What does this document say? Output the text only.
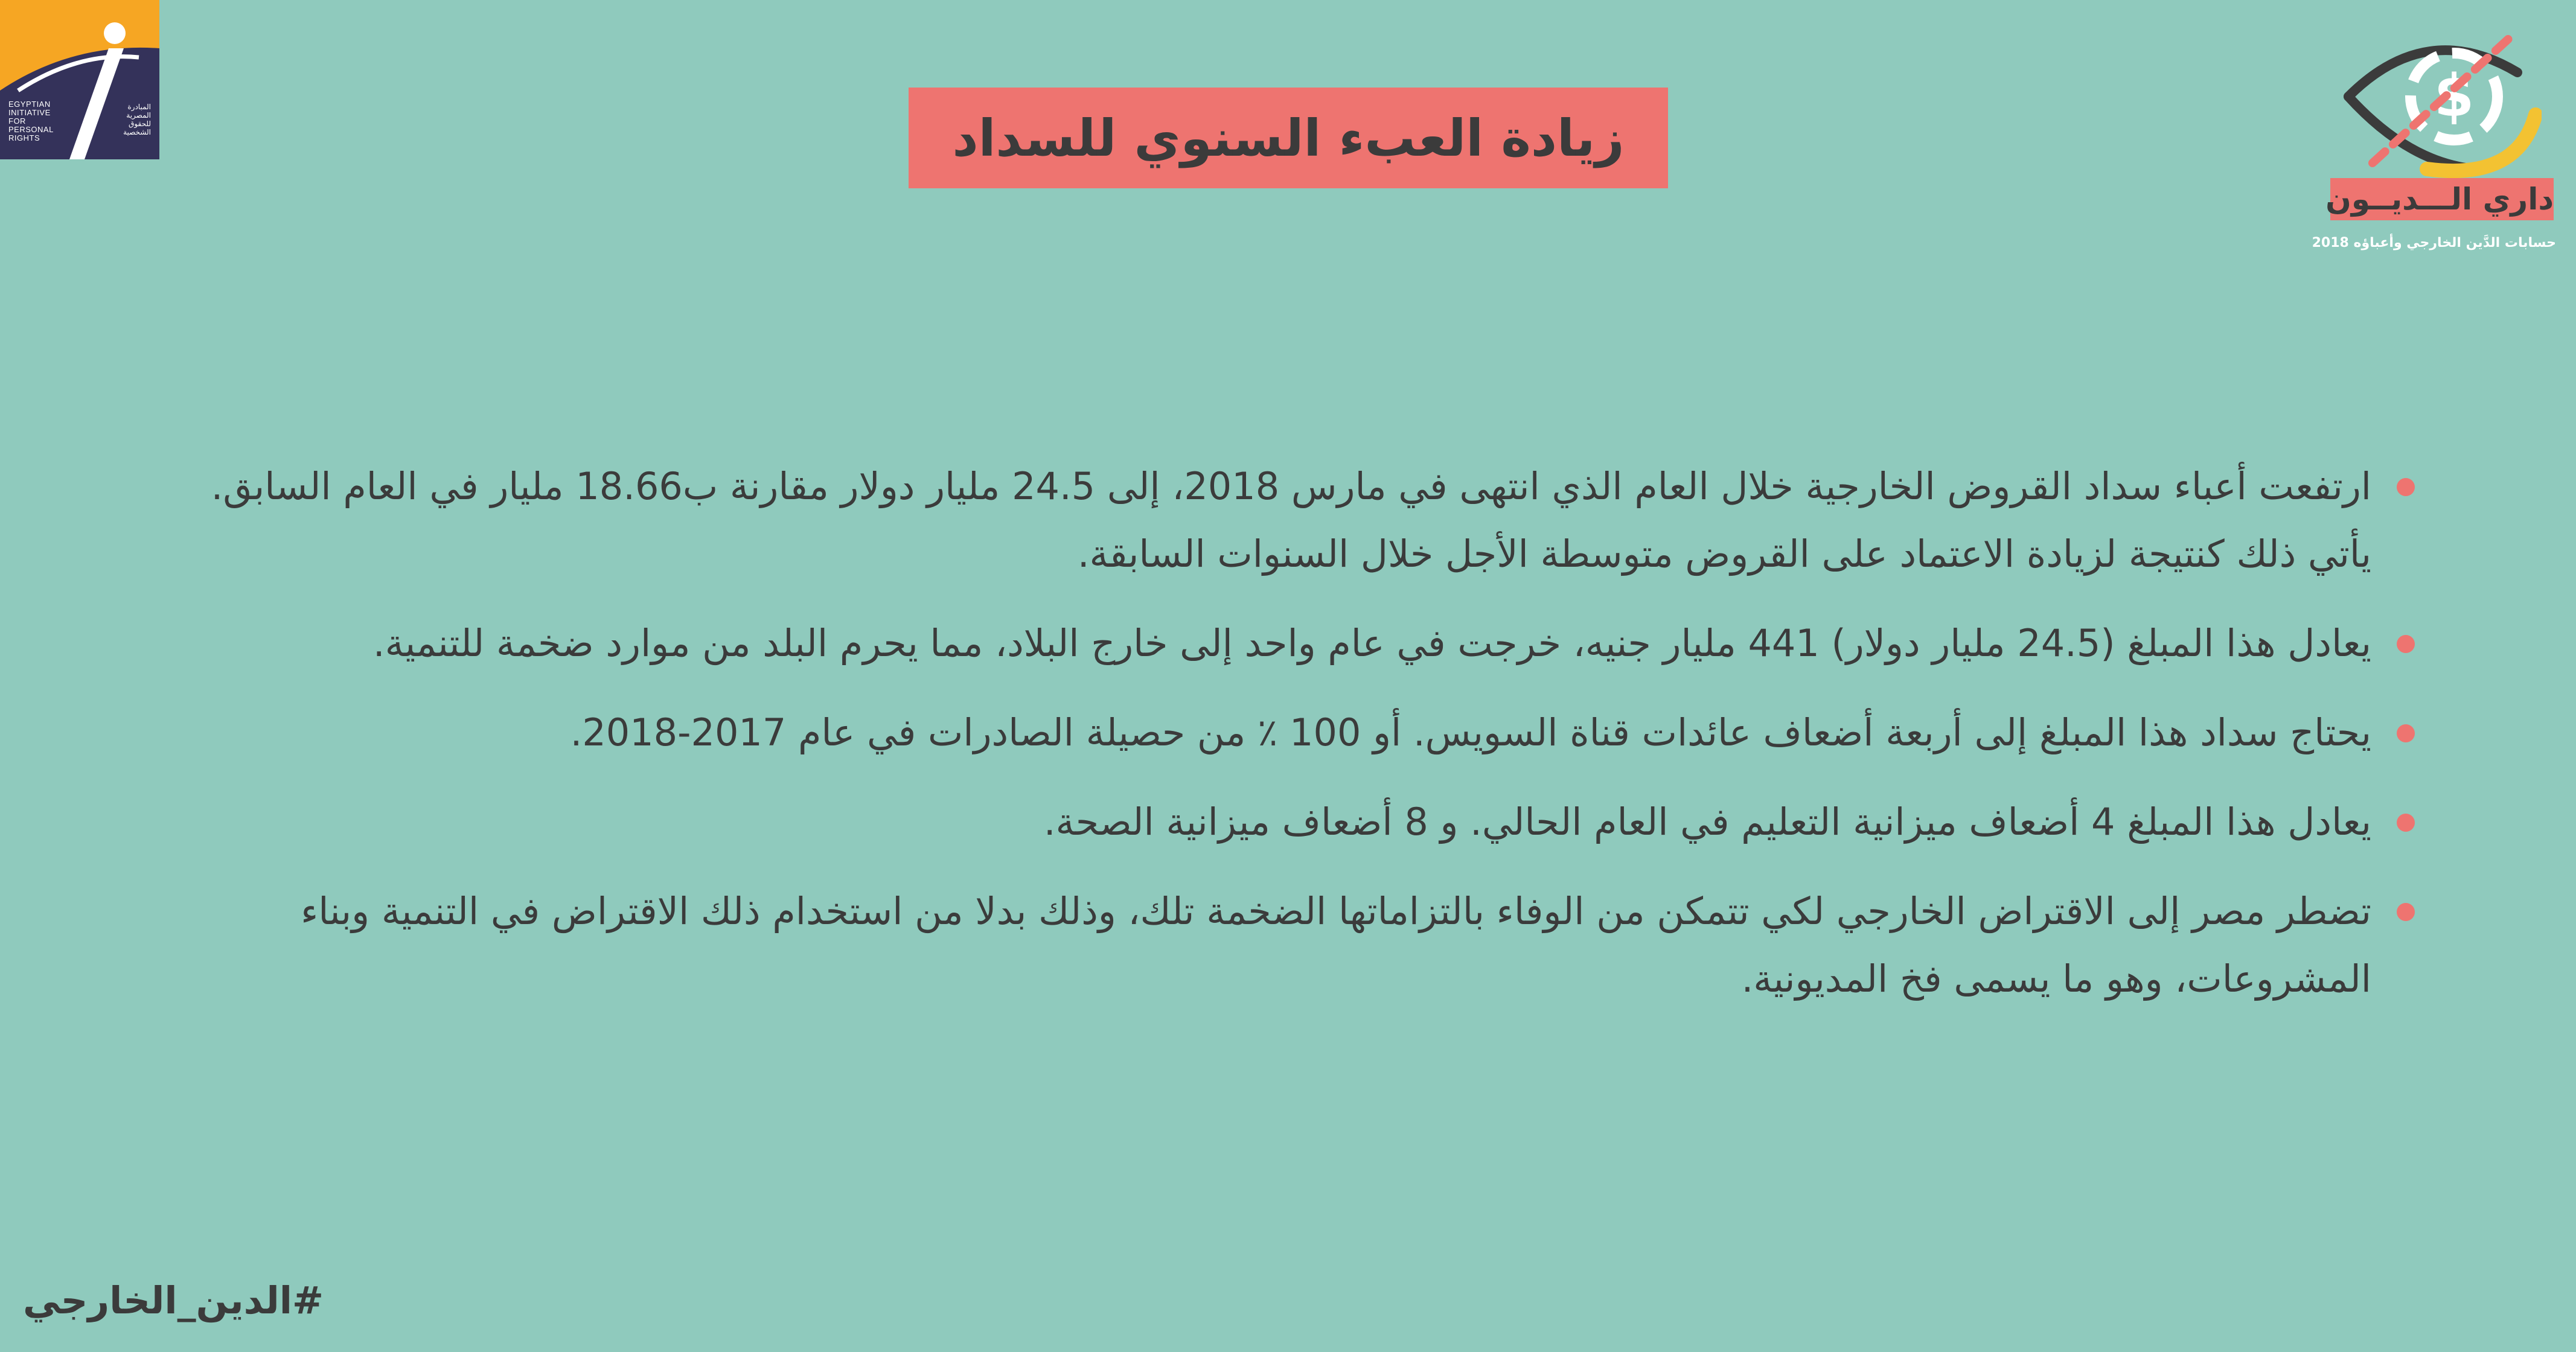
EGYPTIAN
INITIATIVE
FOR
PERSONAL
RIGHTS
المبادرة
المصرية
للحقوق
الشخصية	زيادة العبء السنوي للسداد
$
داري الـــديــون
حسابات الدَّين الخارجي وأعباؤه 2018
ارتفعت أعباء سداد القروض الخارجية خلال العام الذي انتهى في مارس 2018، إلى 24.5 مليار دولار مقارنة ب18.66 مليار في العام السابق. يأتي ذلك كنتيجة لزيادة الاعتماد على القروض متوسطة الأجل خلال السنوات السابقة.
يعادل هذا المبلغ (24.5 مليار دولار) 441 مليار جنيه، خرجت في عام واحد إلى خارج البلاد، مما يحرم البلد من موارد ضخمة للتنمية.
يحتاج سداد هذا المبلغ إلى أربعة أضعاف عائدات قناة السويس. أو 100 ٪ من حصيلة الصادرات في عام 2017-2018.
يعادل هذا المبلغ 4 أضعاف ميزانية التعليم في العام الحالي. و 8 أضعاف ميزانية الصحة.
تضطر مصر إلى الاقتراض الخارجي لكي تتمكن من الوفاء بالتزاماتها الضخمة تلك، وذلك بدلا من استخدام ذلك الاقتراض في التنمية وبناء المشروعات، وهو ما يسمى فخ المديونية.
#الدين_الخارجي
